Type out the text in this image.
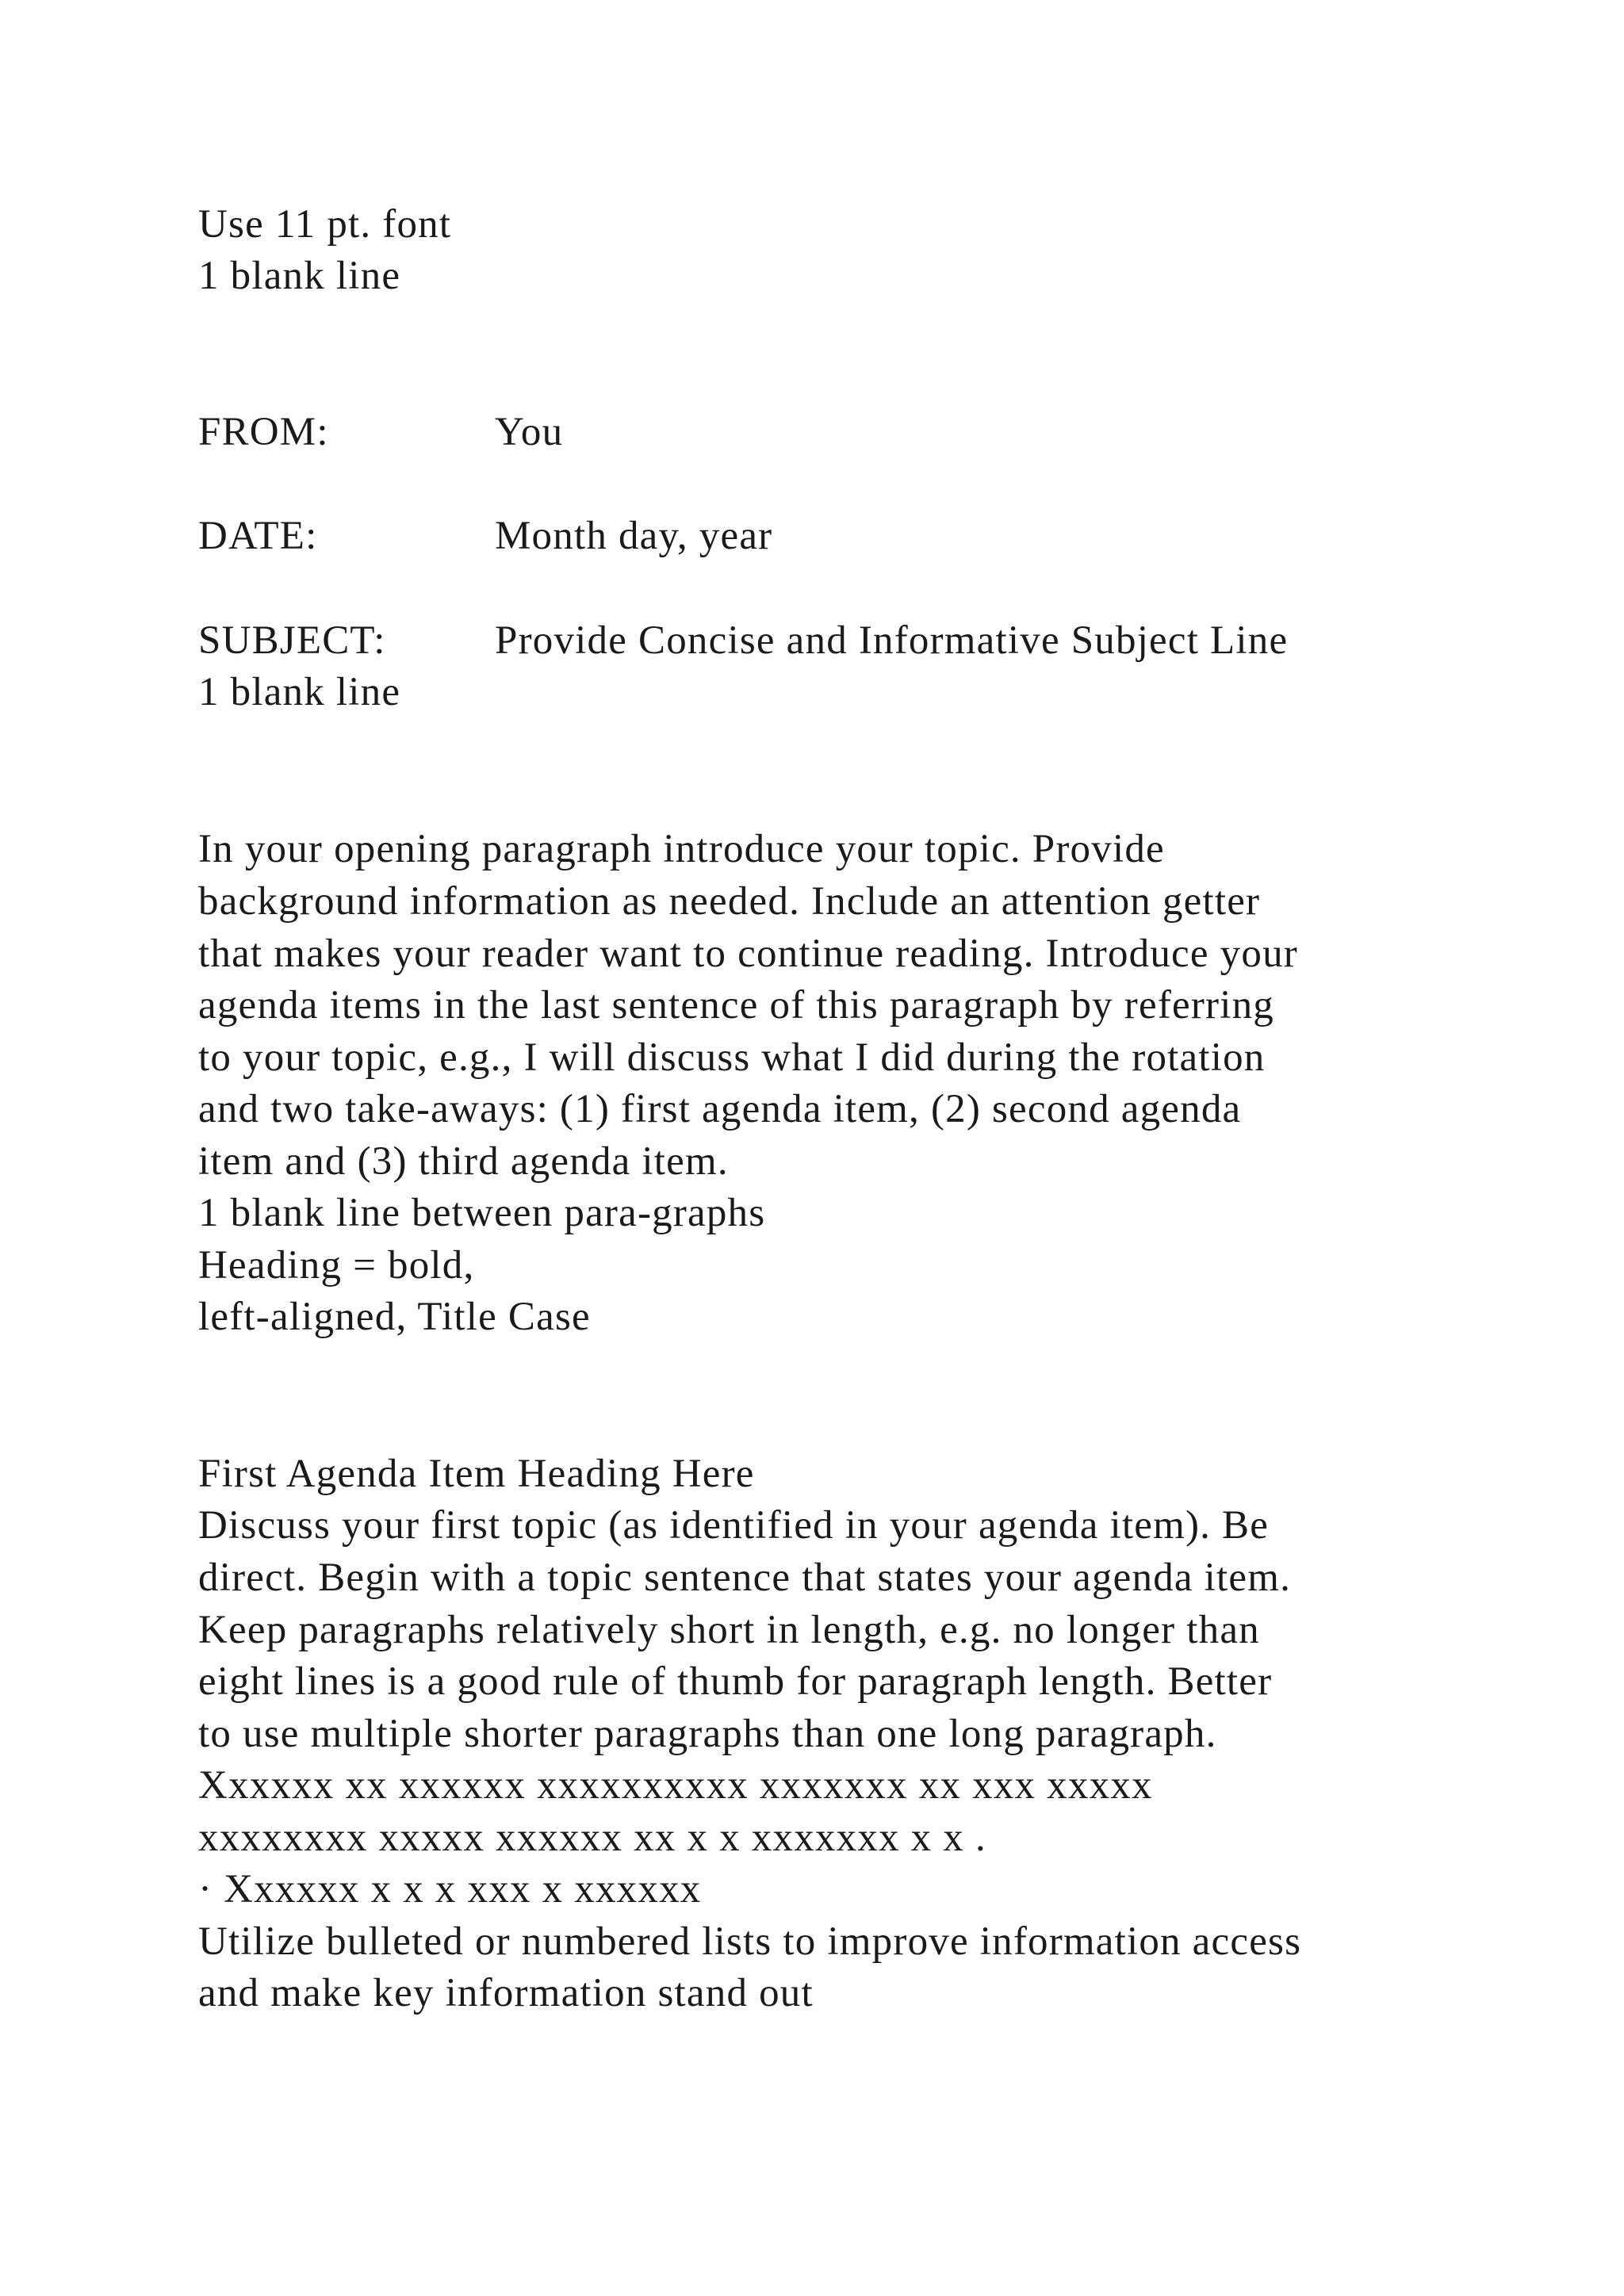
Use 11 pt. font
1 blank line
FROM:	You
DATE:	Month day, year
SUBJECT:	Provide Concise and Informative Subject Line
1 blank line
In your opening paragraph introduce your topic. Provide
background information as needed. Include an attention getter
that makes your reader want to continue reading. Introduce your
agenda items in the last sentence of this paragraph by referring
to your topic, e.g., I will discuss what I did during the rotation
and two take-aways: (1) first agenda item, (2) second agenda
item and (3) third agenda item.
1 blank line between para-graphs
Heading = bold,
left-aligned, Title Case
First Agenda Item Heading Here
Discuss your first topic (as identified in your agenda item). Be
direct. Begin with a topic sentence that states your agenda item.
Keep paragraphs relatively short in length, e.g. no longer than
eight lines is a good rule of thumb for paragraph length. Better
to use multiple shorter paragraphs than one long paragraph.
Xxxxxx xx xxxxxx xxxxxxxxxx xxxxxxx xx xxx xxxxx
xxxxxxxx xxxxx xxxxxx xx x x xxxxxxx x x .
· Xxxxxx x x x xxx x xxxxxx
Utilize bulleted or numbered lists to improve information access
and make key information stand out
